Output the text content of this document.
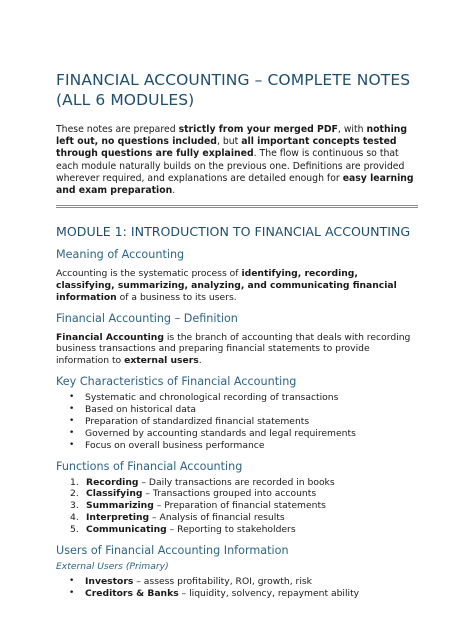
FINANCIAL ACCOUNTING – COMPLETE NOTES
(ALL 6 MODULES)

These notes are prepared strictly from your merged PDF, with nothing left out, no questions included, but all important concepts tested through questions are fully explained. The flow is continuous so that each module naturally builds on the previous one. Definitions are provided wherever required, and explanations are detailed enough for easy learning and exam preparation.

MODULE 1: INTRODUCTION TO FINANCIAL ACCOUNTING
Meaning of Accounting

Accounting is the systematic process of identifying, recording, classifying, summarizing, analyzing, and communicating financial information of a business to its users.

Financial Accounting – Definition

Financial Accounting is the branch of accounting that deals with recording business transactions and preparing financial statements to provide information to external users.

Key Characteristics of Financial Accounting
• Systematic and chronological recording of transactions
• Based on historical data
• Preparation of standardized financial statements
• Governed by accounting standards and legal requirements
• Focus on overall business performance
Functions of Financial Accounting
1. Recording – Daily transactions are recorded in books
2. Classifying – Transactions grouped into accounts
3. Summarizing – Preparation of financial statements
4. Interpreting – Analysis of financial results
5. Communicating – Reporting to stakeholders
Users of Financial Accounting Information

External Users (Primary)

• Investors – assess profitability, ROI, growth, risk
• Creditors & Banks – liquidity, solvency, repayment ability
